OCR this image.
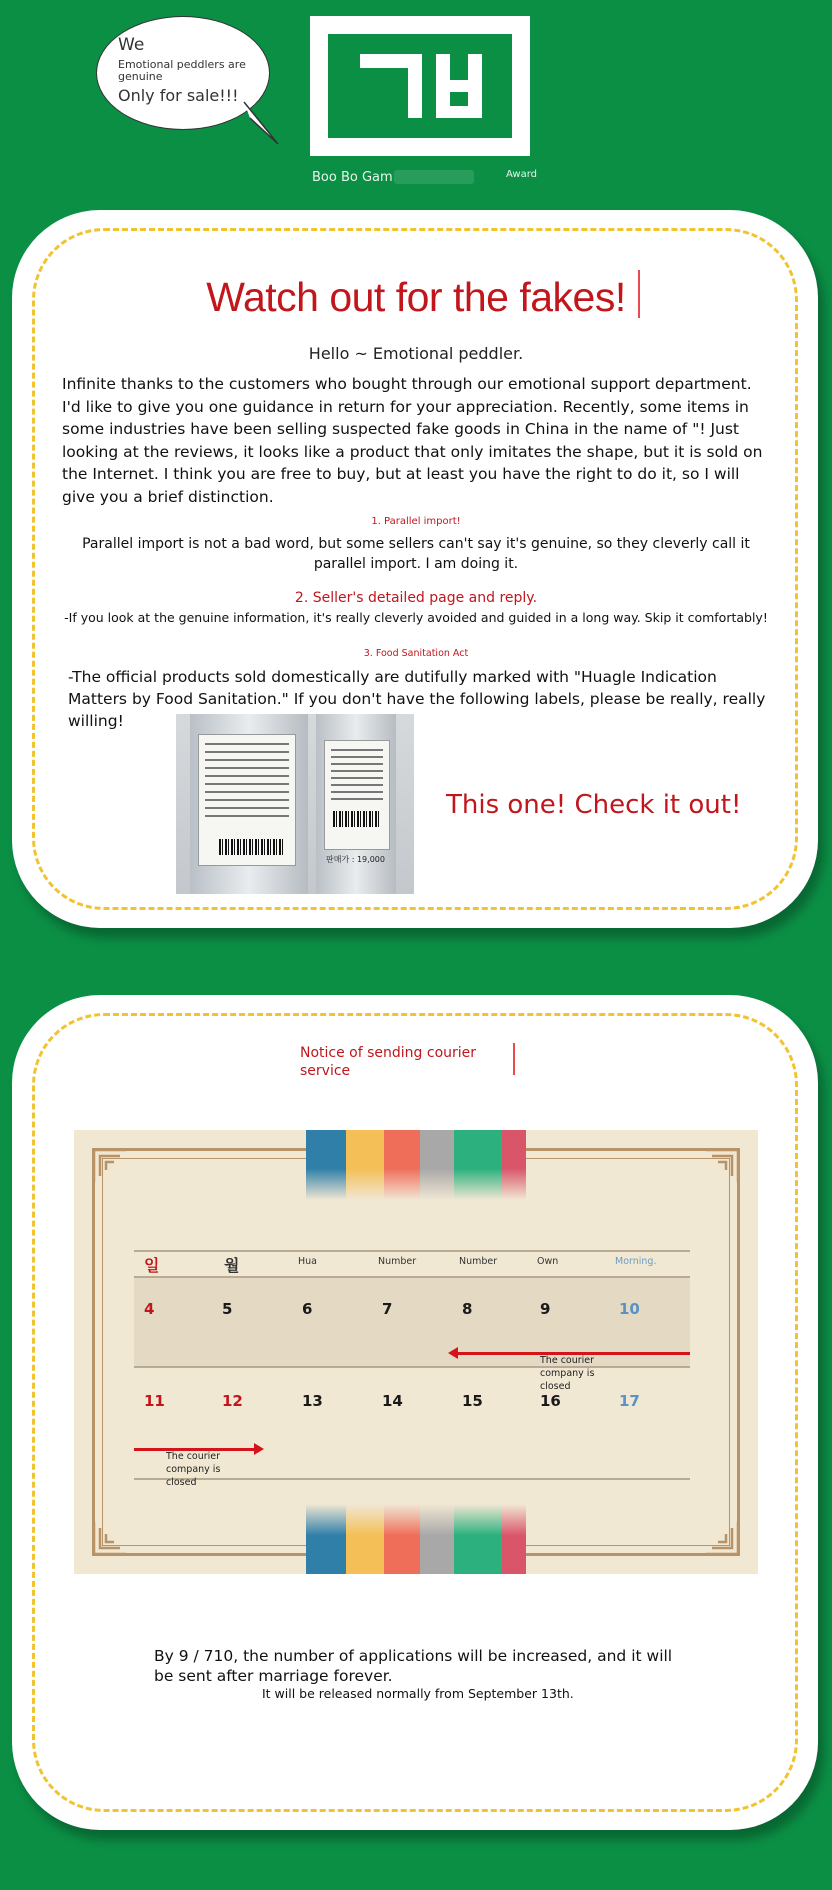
We
Emotional peddlers are genuine
Only for sale!!!
Boo Bo Gam	Award
Watch out for the fakes!
Hello ~ Emotional peddler.
Infinite thanks to the customers who bought through our emotional support department. I'd like to give you one guidance in return for your appreciation. Recently, some items in some industries have been selling suspected fake goods in China in the name of "! Just looking at the reviews, it looks like a product that only imitates the shape, but it is sold on the Internet. I think you are free to buy, but at least you have the right to do it, so I will give you a brief distinction.
1. Parallel import!
Parallel import is not a bad word, but some sellers can't say it's genuine, so they cleverly call it parallel import. I am doing it.
2. Seller's detailed page and reply.
-If you look at the genuine information, it's really cleverly avoided and guided in a long way. Skip it comfortably!
3. Food Sanitation Act
-The official products sold domestically are dutifully marked with "Huagle Indication Matters by Food Sanitation." If you don't have the following labels, please be really, really willing!
판매가 : 19,000
This one! Check it out!
Notice of sending courier service
일	월	Hua	Number	Number	Own	Morning.
4	5	6	7	8	9	10
11	12	13	14	15	16	17
The courier company is closed
The courier company is closed
By 9 / 710, the number of applications will be increased, and it will be sent after marriage forever.
It will be released normally from September 13th.
